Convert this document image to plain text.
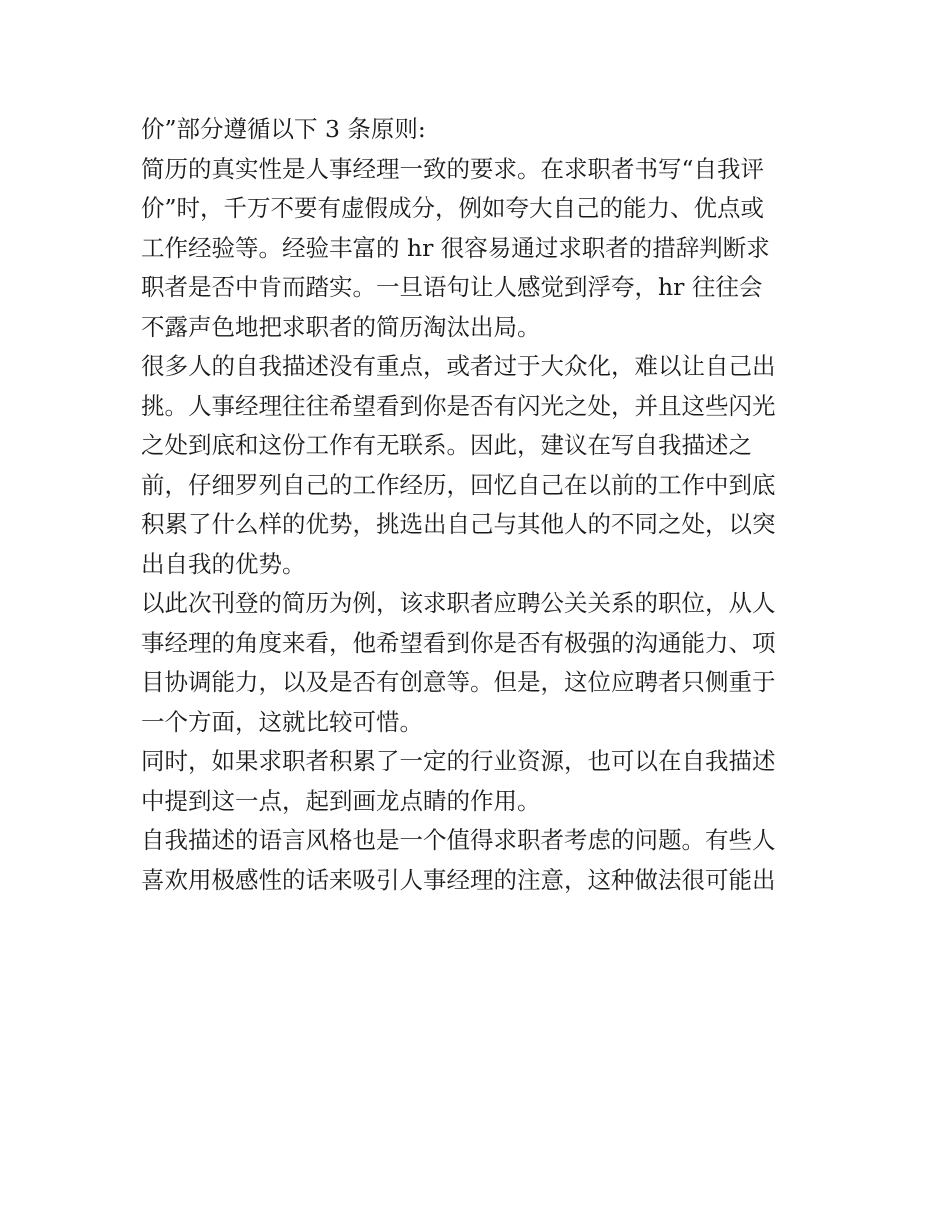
价”部分遵循以下 3 条原则:
简历的真实性是人事经理一致的要求。在求职者书写“自我评
价”时，千万不要有虚假成分，例如夸大自己的能力、优点或
工作经验等。经验丰富的 hr 很容易通过求职者的措辞判断求
职者是否中肯而踏实。一旦语句让人感觉到浮夸，hr 往往会
不露声色地把求职者的简历淘汰出局。
很多人的自我描述没有重点，或者过于大众化，难以让自己出
挑。人事经理往往希望看到你是否有闪光之处，并且这些闪光
之处到底和这份工作有无联系。因此，建议在写自我描述之
前，仔细罗列自己的工作经历，回忆自己在以前的工作中到底
积累了什么样的优势，挑选出自己与其他人的不同之处，以突
出自我的优势。
以此次刊登的简历为例，该求职者应聘公关关系的职位，从人
事经理的角度来看，他希望看到你是否有极强的沟通能力、项
目协调能力，以及是否有创意等。但是，这位应聘者只侧重于
一个方面，这就比较可惜。
同时，如果求职者积累了一定的行业资源，也可以在自我描述
中提到这一点，起到画龙点睛的作用。
自我描述的语言风格也是一个值得求职者考虑的问题。有些人
喜欢用极感性的话来吸引人事经理的注意，这种做法很可能出
